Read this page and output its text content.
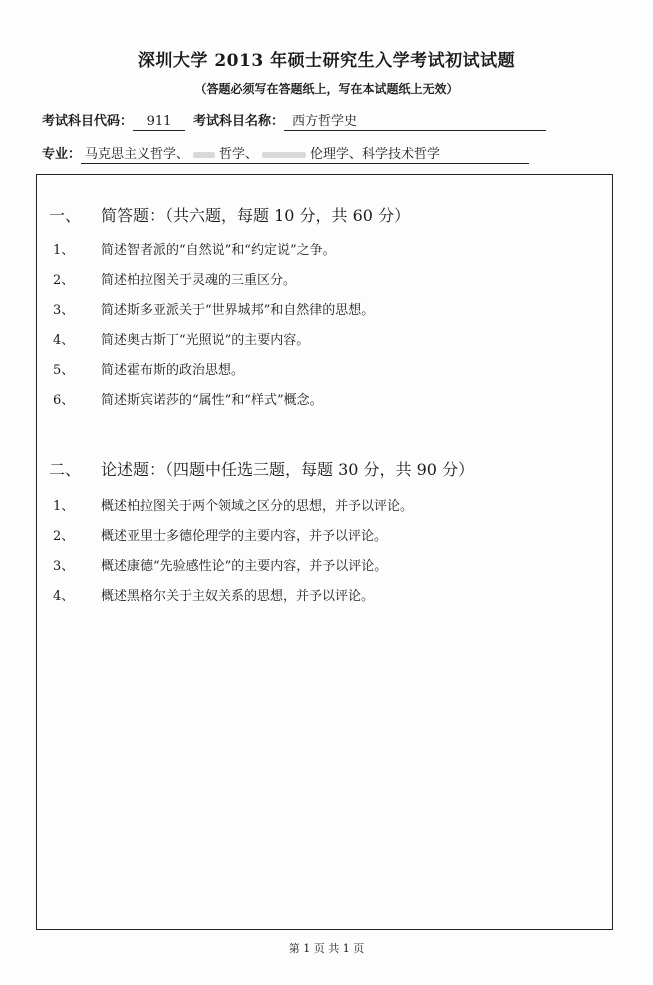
深圳大学 2013 年硕士研究生入学考试初试试题
（答题必须写在答题纸上，写在本试题纸上无效）
考试科目代码： 911 考试科目名称： 西方哲学史
专业： 马克思主义哲学、 哲学、	伦理学、科学技术哲学
一、 简答题：（共六题，每题 10 分，共 60 分）
1、 简述智者派的“自然说”和“约定说”之争。
2、 简述柏拉图关于灵魂的三重区分。
3、 简述斯多亚派关于“世界城邦”和自然律的思想。
4、 简述奥古斯丁“光照说”的主要内容。
5、 简述霍布斯的政治思想。
6、 简述斯宾诺莎的“属性”和“样式”概念。
二、 论述题：（四题中任选三题，每题 30 分，共 90 分）
1、 概述柏拉图关于两个领域之区分的思想，并予以评论。
2、 概述亚里士多德伦理学的主要内容，并予以评论。
3、 概述康德“先验感性论”的主要内容，并予以评论。
4、 概述黑格尔关于主奴关系的思想，并予以评论。
第 1 页 共 1 页
